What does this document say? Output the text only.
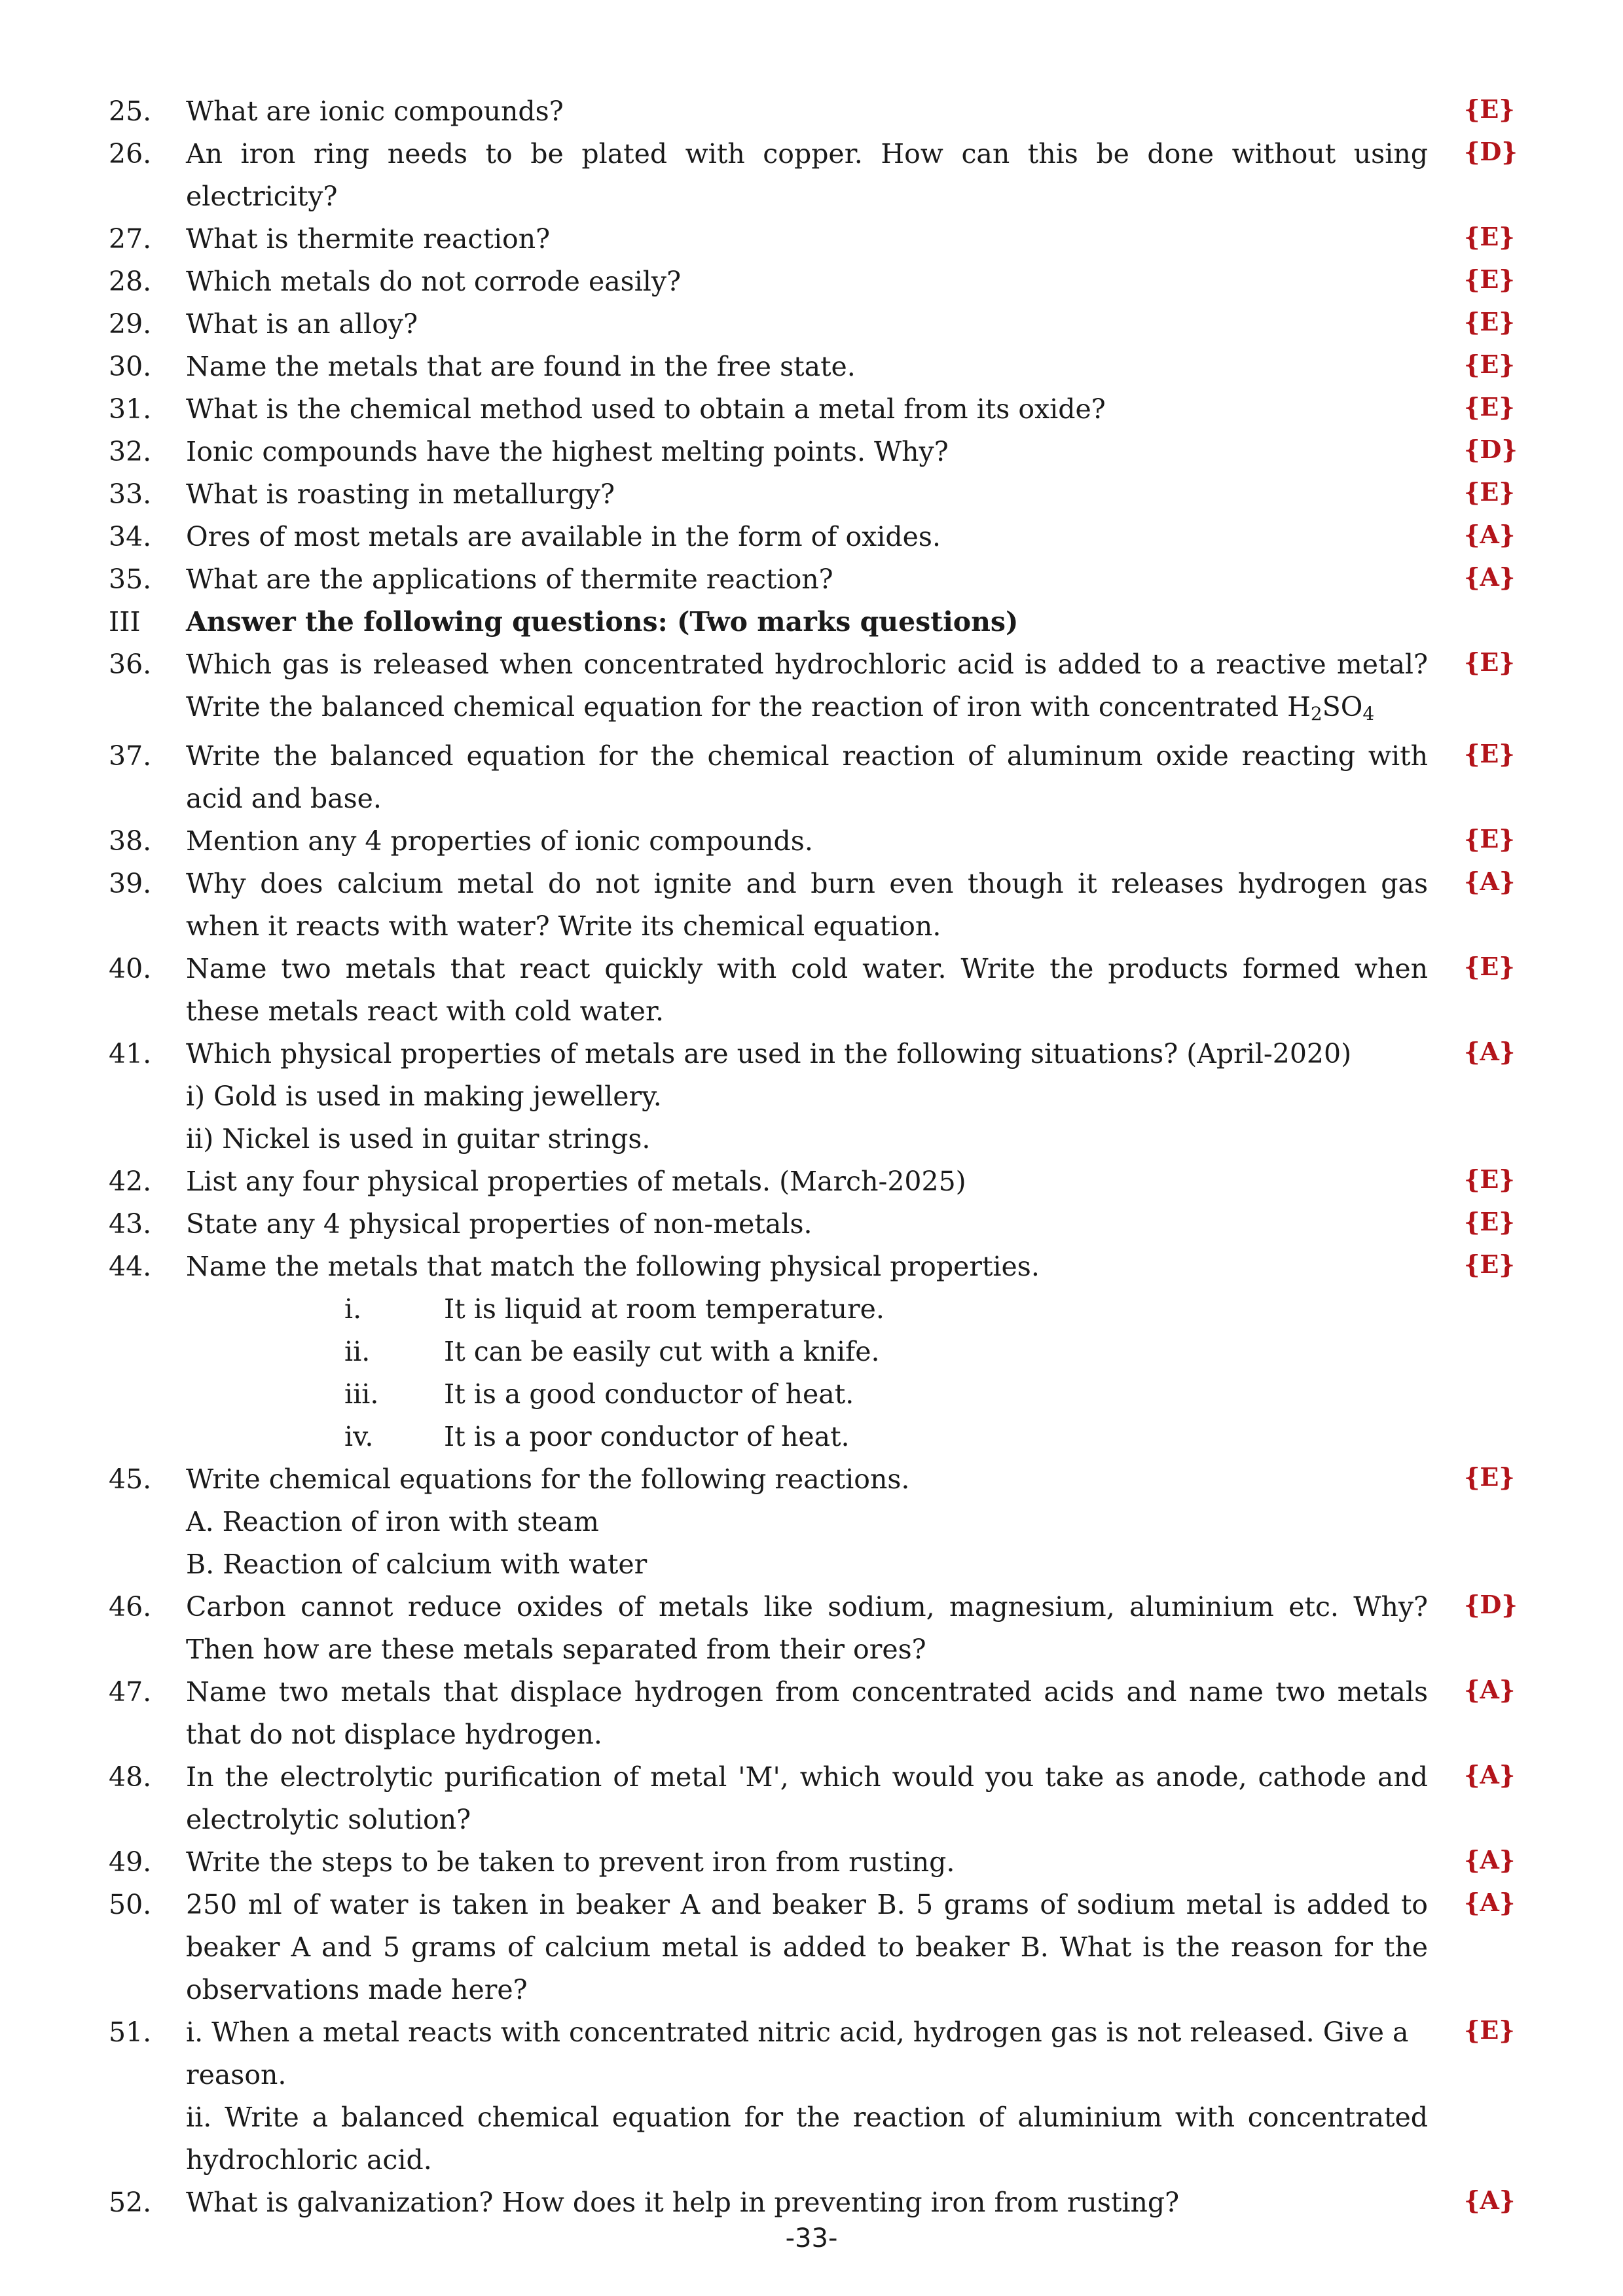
25.	What are ionic compounds?	{E}
26.	An iron ring needs to be plated with copper. How can this be done without using electricity?
{D}
27.	What is thermite reaction?	{E}
28.	Which metals do not corrode easily?	{E}
29.	What is an alloy?	{E}
30.	Name the metals that are found in the free state.	{E}
31.	What is the chemical method used to obtain a metal from its oxide?	{E}
32.	Ionic compounds have the highest melting points. Why?	{D}
33.	What is roasting in metallurgy?	{E}
34.	Ores of most metals are available in the form of oxides.	{A}
35.	What are the applications of thermite reaction?	{A}
III	Answer the following questions: (Two marks questions)
36.	Which gas is released when concentrated hydrochloric acid is added to a reactive metal? Write the balanced chemical equation for the reaction of iron with concentrated H2SO4
{E}
37.	Write the balanced equation for the chemical reaction of aluminum oxide reacting with acid and base.
{E}
38.	Mention any 4 properties of ionic compounds.	{E}
39.	Why does calcium metal do not ignite and burn even though it releases hydrogen gas when it reacts with water? Write its chemical equation.
{A}
40.	Name two metals that react quickly with cold water. Write the products formed when these metals react with cold water.
{E}
41.	Which physical properties of metals are used in the following situations? (April-2020)
i) Gold is used in making jewellery.
ii) Nickel is used in guitar strings.
{A}
42.	List any four physical properties of metals. (March-2025)	{E}
43.	State any 4 physical properties of non-metals.	{E}
44.	Name the metals that match the following physical properties.	{E}
i.	It is liquid at room temperature.
ii.	It can be easily cut with a knife.
iii. It is a good conductor of heat.
iv.	It is a poor conductor of heat.
45.	Write chemical equations for the following reactions.
A. Reaction of iron with steam
B. Reaction of calcium with water
{E}
46.	Carbon cannot reduce oxides of metals like sodium, magnesium, aluminium etc. Why? Then how are these metals separated from their ores?
{D}
47.	Name two metals that displace hydrogen from concentrated acids and name two metals that do not displace hydrogen.
{A}
48.	In the electrolytic purification of metal 'M', which would you take as anode, cathode and electrolytic solution?
{A}
49.	Write the steps to be taken to prevent iron from rusting.	{A}
50.	250 ml of water is taken in beaker A and beaker B. 5 grams of sodium metal is added to beaker A and 5 grams of calcium metal is added to beaker B. What is the reason for the observations made here?
{A}
51.	i. When a metal reacts with concentrated nitric acid, hydrogen gas is not released. Give a reason.
ii. Write a balanced chemical equation for the reaction of aluminium with concentrated hydrochloric acid.
{E}
52.	What is galvanization? How does it help in preventing iron from rusting?	{A}
-33-
